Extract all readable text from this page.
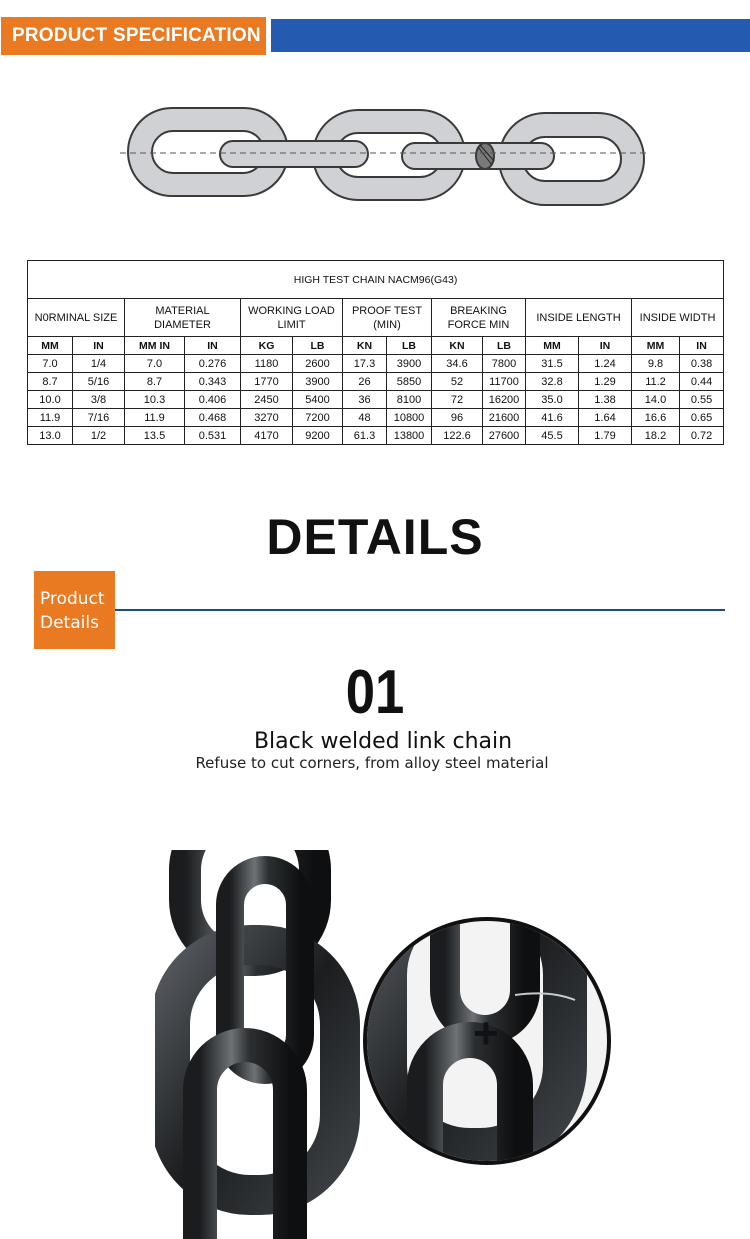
PRODUCT SPECIFICATION
HIGH TEST CHAIN NACM96(G43)													
N0RMINAL SIZE		MATERIAL DIAMETER		WORKING LOAD LIMIT		PROOF TEST (MIN)		BREAKING FORCE MIN		INSIDE LENGTH		INSIDE WIDTH	
MM	IN	MM IN	IN	KG	LB	KN	LB	KN	LB	MM	IN	MM	IN
7.0	1/4	7.0	0.276	1180	2600	17.3	3900	34.6	7800	31.5	1.24	9.8	0.38
8.7	5/16	8.7	0.343	1770	3900	26	5850	52	11700	32.8	1.29	11.2	0.44
10.0	3/8	10.3	0.406	2450	5400	36	8100	72	16200	35.0	1.38	14.0	0.55
11.9	7/16	11.9	0.468	3270	7200	48	10800	96	21600	41.6	1.64	16.6	0.65
13.0	1/2	13.5	0.531	4170	9200	61.3	13800	122.6	27600	45.5	1.79	18.2	0.72
DETAILS
Product
Details
01
Black welded link chain
Refuse to cut corners, from alloy steel material
+
